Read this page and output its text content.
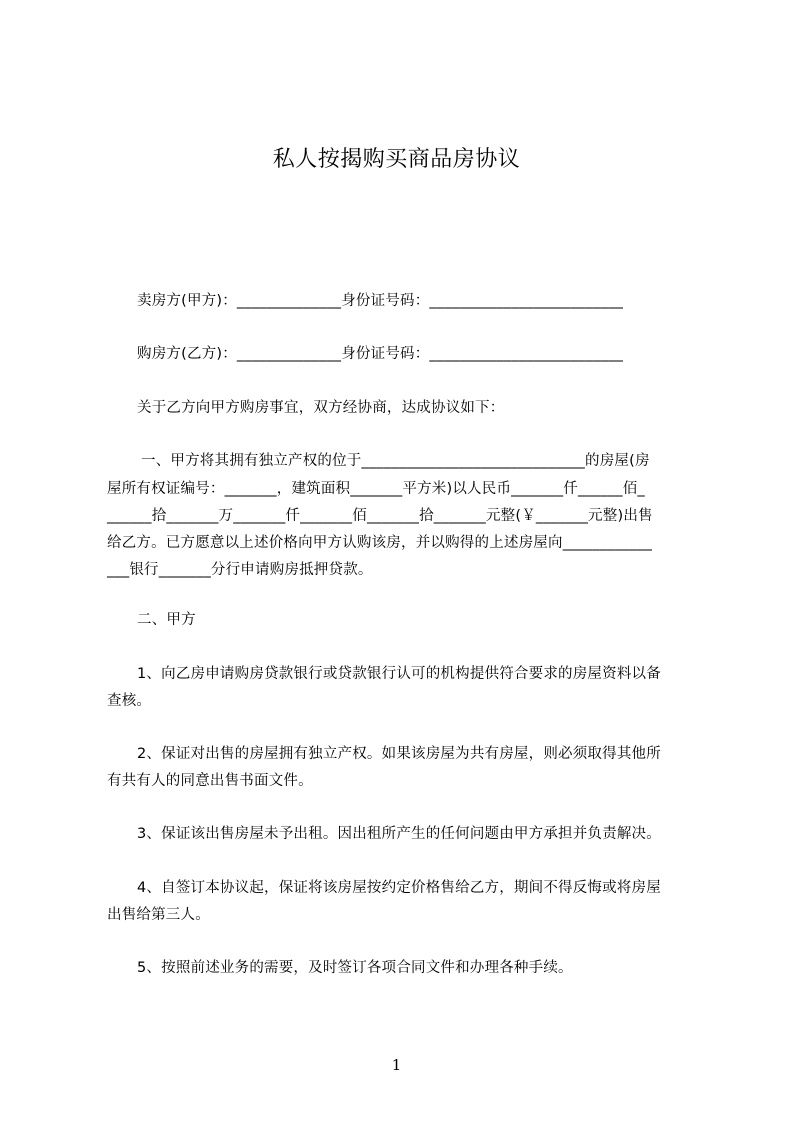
私人按揭购买商品房协议
卖房方(甲方)：______________身份证号码：__________________________
购房方(乙方)：______________身份证号码：__________________________
关于乙方向甲方购房事宜，双方经协商，达成协议如下：
一、甲方将其拥有独立产权的位于______________________________的房屋(房
屋所有权证编号：_______，建筑面积_______平方米)以人民币_______仟______佰_
______拾_______万_______仟_______佰_______拾_______元整(￥_______元整)出售
给乙方。已方愿意以上述价格向甲方认购该房，并以购得的上述房屋向____________
___银行_______分行申请购房抵押贷款。
二、甲方
1、向乙房申请购房贷款银行或贷款银行认可的机构提供符合要求的房屋资料以备
查核。
2、保证对出售的房屋拥有独立产权。如果该房屋为共有房屋，则必须取得其他所
有共有人的同意出售书面文件。
3、保证该出售房屋未予出租。因出租所产生的任何问题由甲方承担并负责解决。
4、自签订本协议起，保证将该房屋按约定价格售给乙方，期间不得反悔或将房屋
出售给第三人。
5、按照前述业务的需要，及时签订各项合同文件和办理各种手续。
1
